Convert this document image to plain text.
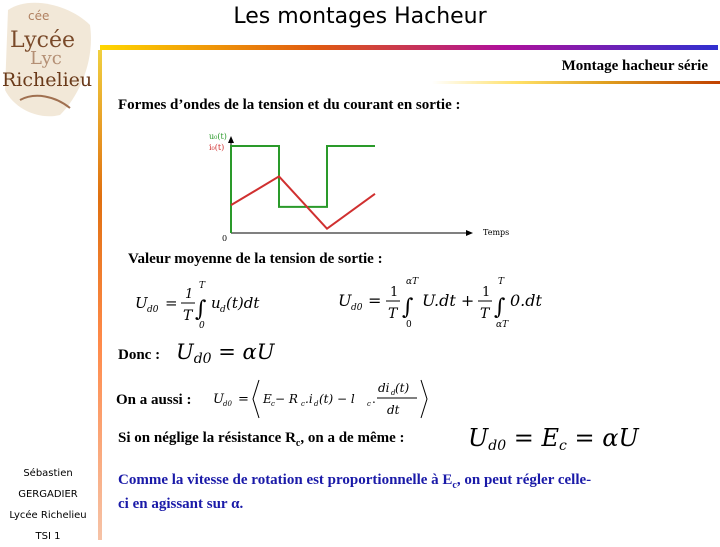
cée
Lycée
Lyc
Richelieu
Les montages Hacheur
Montage hacheur série
Formes d’ondes de la tension et du courant en sortie :
u₀(t)
i₀(t)
0
Temps
Valeur moyenne de la tension de sortie :
U d0 = 1
T
T
∫
0
u d (t)dt	U d0 = 1
T
αT
∫
0
U.dt + 1
T
T
∫
αT
0.dt
Donc : $U_{d0} = \alpha U$
On a aussi : U d0 = E c − R c .i d (t) − l c .
di d (t)
dt
Si on néglige la résistance $R_c$, on a de même :	$U_{d0} = E_c = \alpha U$
Comme la vitesse de rotation est proportionnelle à $E_c$, on peut régler celle-
ci en agissant sur α.
Sébastien
GERGADIER
Lycée Richelieu
TSI 1
